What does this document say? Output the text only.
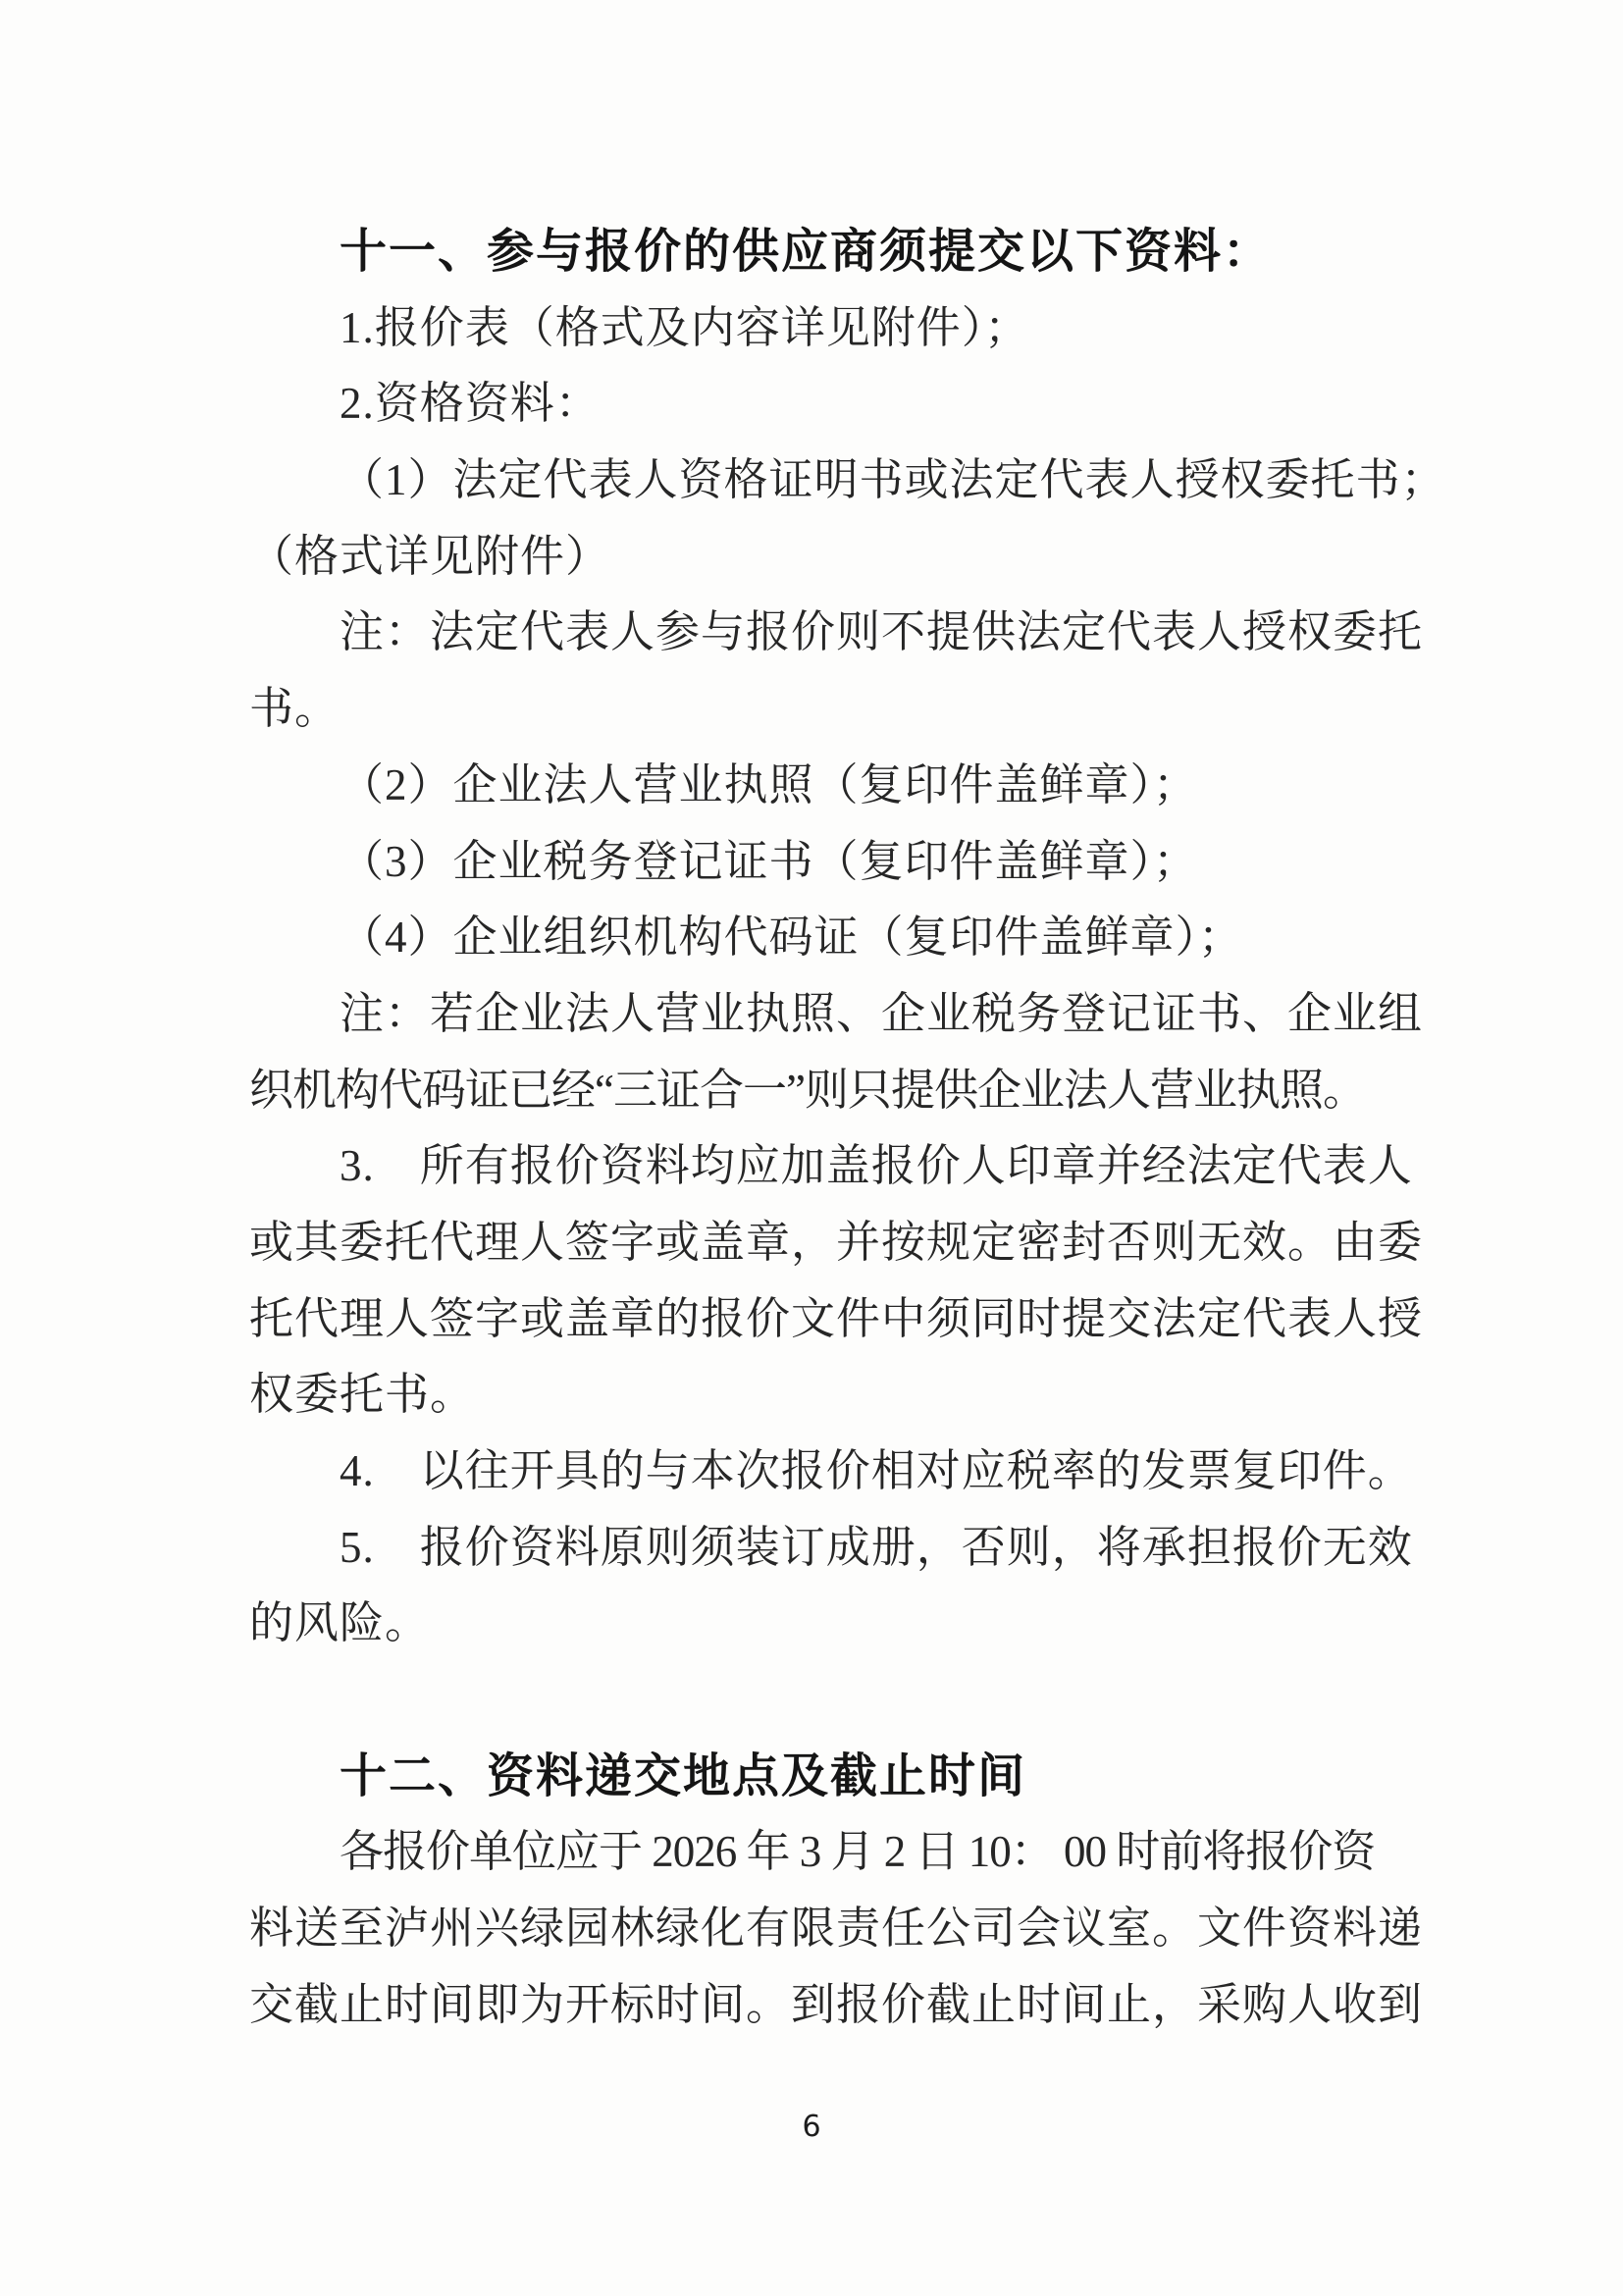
十一、参与报价的供应商须提交以下资料：

1.报价表（格式及内容详见附件）；

2.资格资料：

（1）法定代表人资格证明书或法定代表人授权委托书；

（格式详见附件）

注：法定代表人参与报价则不提供法定代表人授权委托

书。

（2）企业法人营业执照（复印件盖鲜章）；

（3）企业税务登记证书（复印件盖鲜章）；

（4）企业组织机构代码证（复印件盖鲜章）；

注：若企业法人营业执照、企业税务登记证书、企业组

织机构代码证已经“三证合一”则只提供企业法人营业执照。

3.　所有报价资料均应加盖报价人印章并经法定代表人

或其委托代理人签字或盖章，并按规定密封否则无效。由委

托代理人签字或盖章的报价文件中须同时提交法定代表人授

权委托书。

4.　以往开具的与本次报价相对应税率的发票复印件。

5.　报价资料原则须装订成册，否则，将承担报价无效

的风险。

十二、资料递交地点及截止时间

各报价单位应于 2026 年 3 月 2 日 10： 00 时前将报价资

料送至泸州兴绿园林绿化有限责任公司会议室。文件资料递

交截止时间即为开标时间。到报价截止时间止，采购人收到

6
